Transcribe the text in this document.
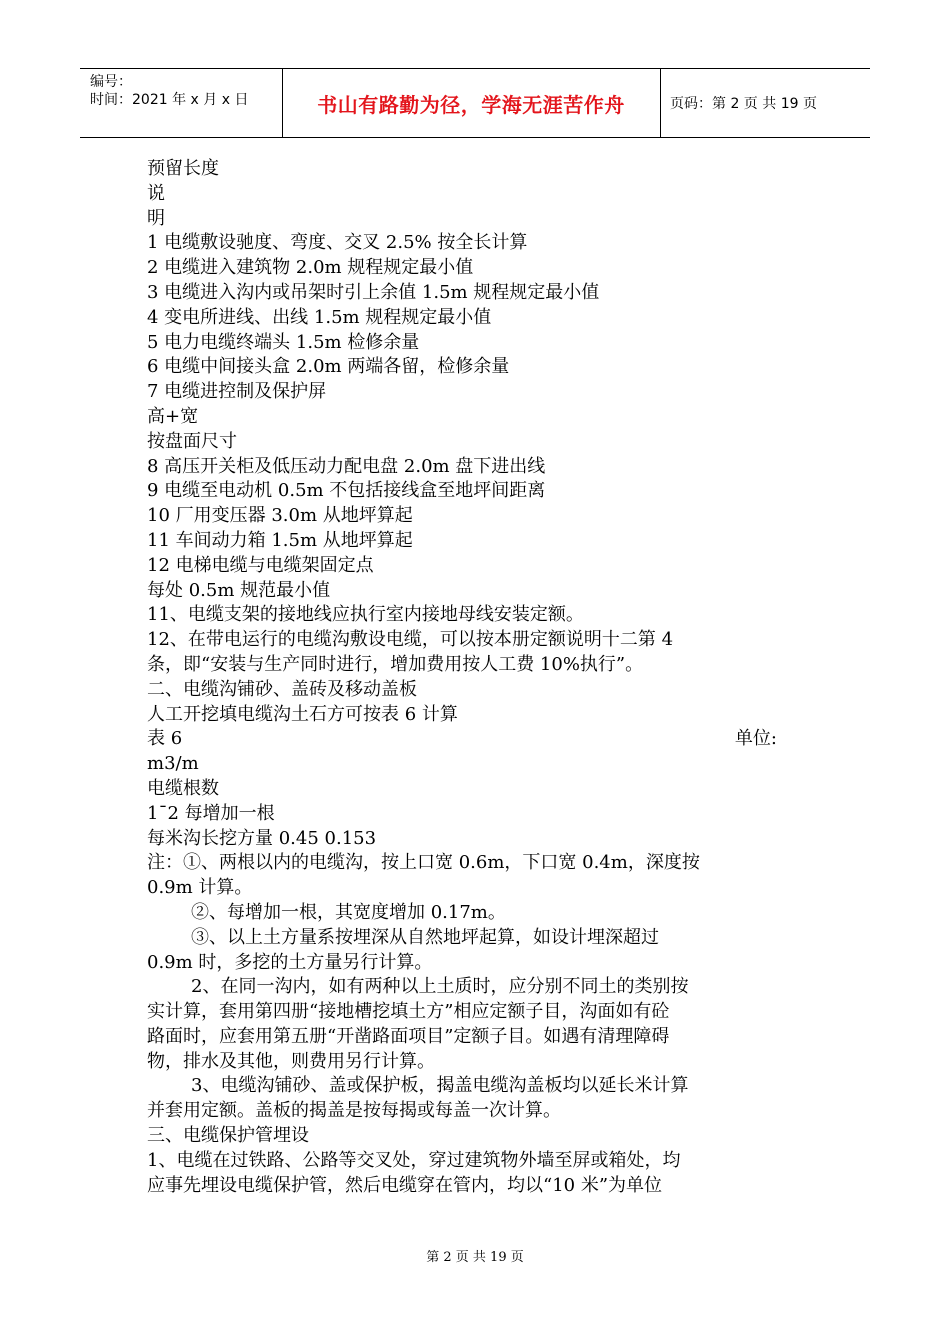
编号：
时间：2021 年 x 月 x 日	书山有路勤为径，学海无涯苦作舟	页码：第 2 页 共 19 页
预留长度
说
明
1 电缆敷设驰度、弯度、交叉 2.5% 按全长计算
2 电缆进入建筑物 2.0m 规程规定最小值
3 电缆进入沟内或吊架时引上余值 1.5m 规程规定最小值
4 变电所进线、出线 1.5m 规程规定最小值
5 电力电缆终端头 1.5m 检修余量
6 电缆中间接头盒 2.0m 两端各留，检修余量
7 电缆进控制及保护屏
高+宽
按盘面尺寸
8 高压开关柜及低压动力配电盘 2.0m 盘下进出线
9 电缆至电动机 0.5m 不包括接线盒至地坪间距离
10 厂用变压器 3.0m 从地坪算起
11 车间动力箱 1.5m 从地坪算起
12 电梯电缆与电缆架固定点
每处 0.5m 规范最小值
11、电缆支架的接地线应执行室内接地母线安装定额。
12、在带电运行的电缆沟敷设电缆，可以按本册定额说明十二第 4
条，即“安装与生产同时进行，增加费用按人工费 10%执行”。
二、电缆沟铺砂、盖砖及移动盖板
人工开挖填电缆沟土石方可按表 6 计算
表 6	单位:
m3/m
电缆根数
1¯2 每增加一根
每米沟长挖方量 0.45 0.153
注：①、两根以内的电缆沟，按上口宽 0.6m，下口宽 0.4m，深度按
0.9m 计算。
②、每增加一根，其宽度增加 0.17m。
③、以上土方量系按埋深从自然地坪起算，如设计埋深超过
0.9m 时，多挖的土方量另行计算。
2、在同一沟内，如有两种以上土质时，应分别不同土的类别按
实计算，套用第四册“接地槽挖填土方”相应定额子目，沟面如有砼
路面时，应套用第五册“开凿路面项目”定额子目。如遇有清理障碍
物，排水及其他，则费用另行计算。
3、电缆沟铺砂、盖或保护板，揭盖电缆沟盖板均以延长米计算
并套用定额。盖板的揭盖是按每揭或每盖一次计算。
三、电缆保护管埋设
1、电缆在过铁路、公路等交叉处，穿过建筑物外墙至屏或箱处，均
应事先埋设电缆保护管，然后电缆穿在管内，均以“10 米”为单位
第 2 页 共 19 页
